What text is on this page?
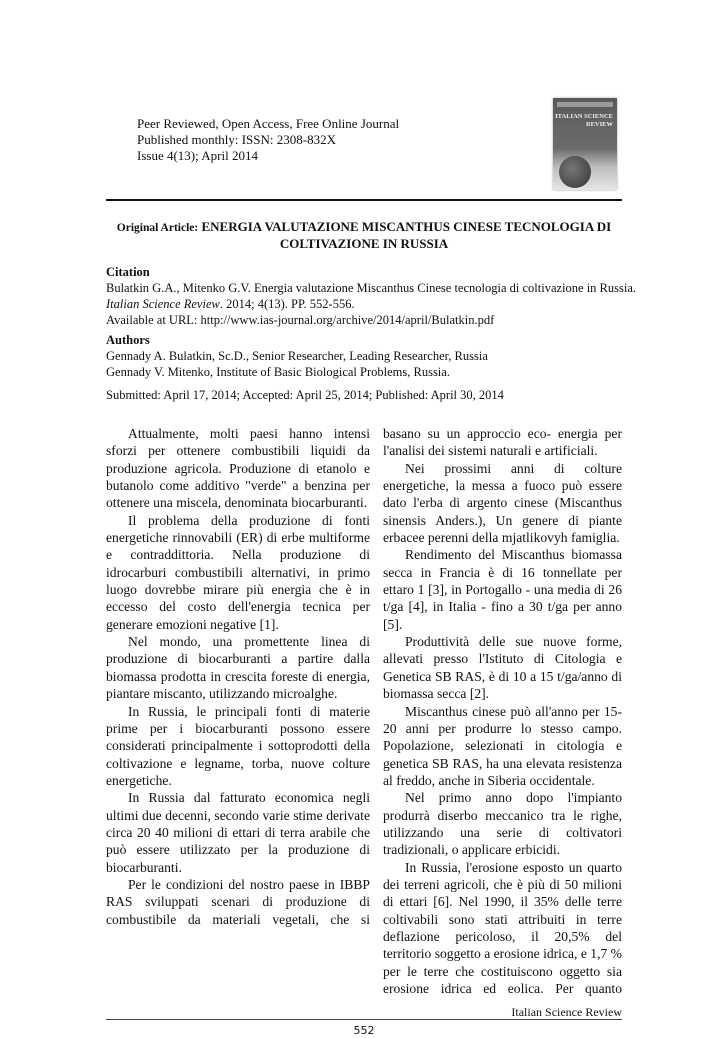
Peer Reviewed, Open Access, Free Online Journal
Published monthly: ISSN: 2308-832X
Issue 4(13); April 2014
ITALIAN SCIENCE REVIEW
Original Article: ENERGIA VALUTAZIONE MISCANTHUS CINESE TECNOLOGIA DI COLTIVAZIONE IN RUSSIA
Citation
Bulatkin G.A., Mitenko G.V. Energia valutazione Miscanthus Cinese tecnologia di coltivazione in Russia. Italian Science Review. 2014; 4(13). PP. 552-556.
Available at URL: http://www.ias-journal.org/archive/2014/april/Bulatkin.pdf
Authors
Gennady A. Bulatkin, Sc.D., Senior Researcher, Leading Researcher, Russia
Gennady V. Mitenko, Institute of Basic Biological Problems, Russia.
Submitted: April 17, 2014; Accepted: April 25, 2014; Published: April 30, 2014

Attualmente, molti paesi hanno intensi sforzi per ottenere combustibili liquidi da produzione agricola. Produzione di etanolo e butanolo come additivo "verde" a benzina per ottenere una miscela, denominata biocarburanti.

Il problema della produzione di fonti energetiche rinnovabili (ER) di erbe multiforme e contraddittoria. Nella produzione di idrocarburi combustibili alternativi, in primo luogo dovrebbe mirare più energia che è in eccesso del costo dell'energia tecnica per generare emozioni negative [1].

Nel mondo, una promettente linea di produzione di biocarburanti a partire dalla biomassa prodotta in crescita foreste di energia, piantare miscanto, utilizzando microalghe.

In Russia, le principali fonti di materie prime per i biocarburanti possono essere considerati principalmente i sottoprodotti della coltivazione e legname, torba, nuove colture energetiche.

In Russia dal fatturato economica negli ultimi due decenni, secondo varie stime derivate circa 20 40 milioni di ettari di terra arabile che può essere utilizzato per la produzione di biocarburanti.

Per le condizioni del nostro paese in IBBP RAS sviluppati scenari di produzione di combustibile da materiali vegetali, che si

basano su un approccio eco- energia per l'analisi dei sistemi naturali e artificiali.

Nei prossimi anni di colture energetiche, la messa a fuoco può essere dato l'erba di argento cinese (Miscanthus sinensis Anders.), Un genere di piante erbacee perenni della mjatlikovyh famiglia.

Rendimento del Miscanthus biomassa secca in Francia è di 16 tonnellate per ettaro 1 [3], in Portogallo - una media di 26 t/ga [4], in Italia - fino a 30 t/ga per anno [5].

Produttività delle sue nuove forme, allevati presso l'Istituto di Citologia e Genetica SB RAS, è di 10 a 15 t/ga/anno di biomassa secca [2].

Miscanthus cinese può all'anno per 15-20 anni per produrre lo stesso campo. Popolazione, selezionati in citologia e genetica SB RAS, ha una elevata resistenza al freddo, anche in Siberia occidentale.

Nel primo anno dopo l'impianto produrrà diserbo meccanico tra le righe, utilizzando una serie di coltivatori tradizionali, o applicare erbicidi.

In Russia, l'erosione esposto un quarto dei terreni agricoli, che è più di 50 milioni di ettari [6]. Nel 1990, il 35% delle terre coltivabili sono stati attribuiti in terre deflazione pericoloso, il 20,5% del territorio soggetto a erosione idrica, e 1,7 % per le terre che costituiscono oggetto sia erosione idrica ed eolica. Per quanto

Italian Science Review
552
